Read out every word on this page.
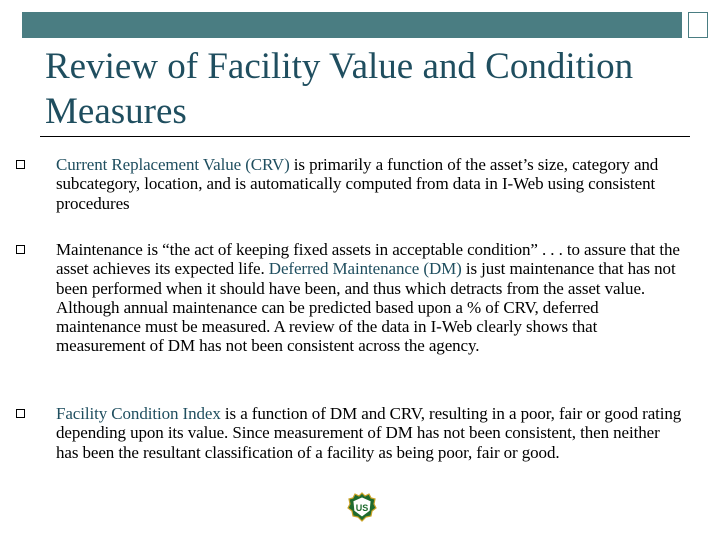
Review of Facility Value and Condition Measures
Current Replacement Value (CRV) is primarily a function of the asset’s size, category and subcategory, location, and is automatically computed from data in I-Web using consistent procedures
Maintenance is “the act of keeping fixed assets in acceptable condition” . . . to assure that the asset achieves its expected life. Deferred Maintenance (DM) is just maintenance that has not been performed when it should have been, and thus which detracts from the asset value. Although annual maintenance can be predicted based upon a % of CRV, deferred maintenance must be measured. A review of the data in I-Web clearly shows that measurement of DM has not been consistent across the agency.
Facility Condition Index is a function of DM and CRV, resulting in a poor, fair or good rating depending upon its value. Since measurement of DM has not been consistent, then neither has been the resultant classification of a facility as being poor, fair or good.
US
